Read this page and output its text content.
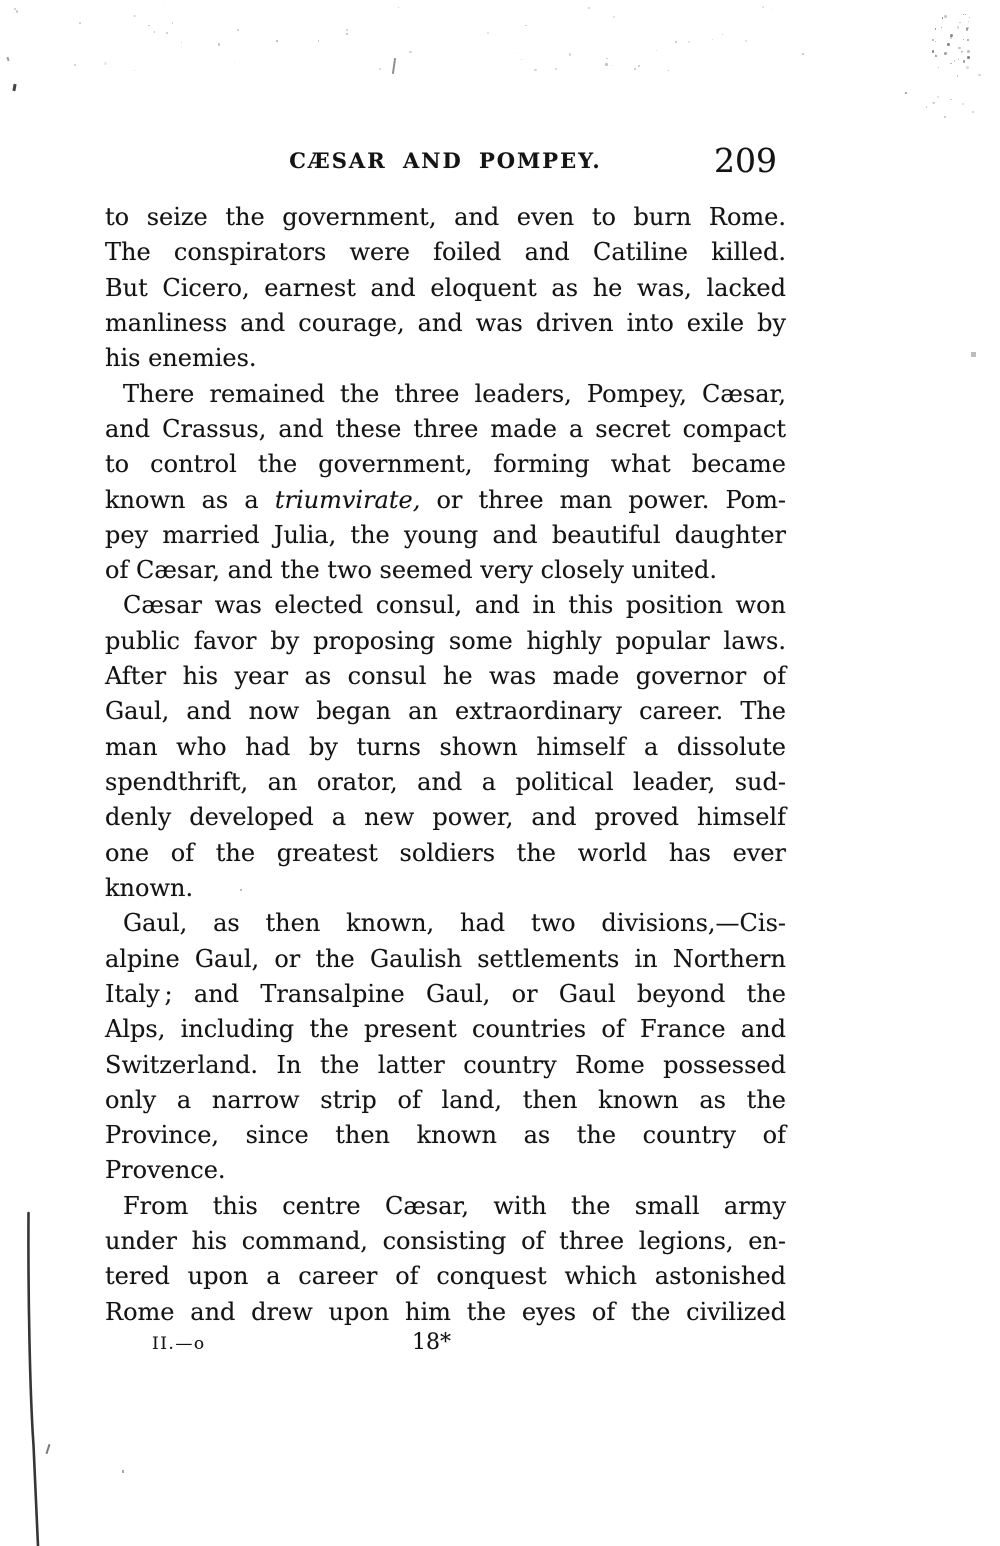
CÆSAR AND POMPEY.	209
to seize the government, and even to burn Rome.
The conspirators were foiled and Catiline killed.
But Cicero, earnest and eloquent as he was, lacked
manliness and courage, and was driven into exile by
his enemies.
There remained the three leaders, Pompey, Cæsar,
and Crassus, and these three made a secret compact
to control the government, forming what became
known as a triumvirate, or three man power. Pom-
pey married Julia, the young and beautiful daughter
of Cæsar, and the two seemed very closely united.
Cæsar was elected consul, and in this position won
public favor by proposing some highly popular laws.
After his year as consul he was made governor of
Gaul, and now began an extraordinary career. The
man who had by turns shown himself a dissolute
spendthrift, an orator, and a political leader, sud-
denly developed a new power, and proved himself
one of the greatest soldiers the world has ever
known.
Gaul, as then known, had two divisions,—Cis-
alpine Gaul, or the Gaulish settlements in Northern
Italy ; and Transalpine Gaul, or Gaul beyond the
Alps, including the present countries of France and
Switzerland. In the latter country Rome possessed
only a narrow strip of land, then known as the
Province, since then known as the country of
Provence.
From this centre Cæsar, with the small army
under his command, consisting of three legions, en-
tered upon a career of conquest which astonished
Rome and drew upon him the eyes of the civilized
II.—o	18*
